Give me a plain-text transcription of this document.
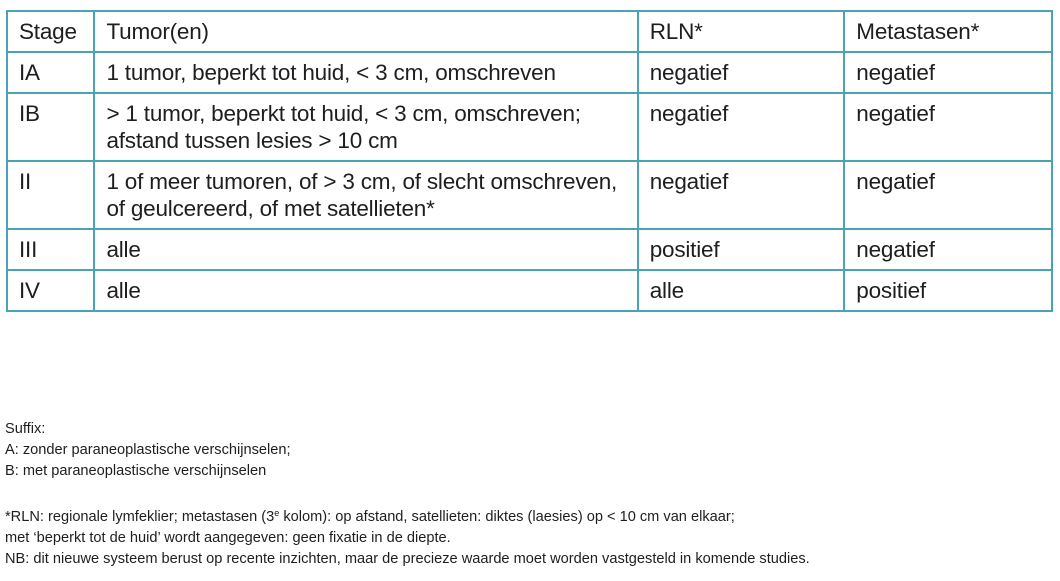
Stage	Tumor(en)	RLN*	Metastasen*
IA	1 tumor, beperkt tot huid, < 3 cm, omschreven	negatief	negatief
IB	> 1 tumor, beperkt tot huid, < 3 cm, omschreven; afstand tussen lesies > 10 cm	negatief	negatief
II	1 of meer tumoren, of > 3 cm, of slecht omschreven, of geulcereerd, of met satellieten*	negatief	negatief
III	alle	positief	negatief
IV	alle	alle	positief

Suffix:

A: zonder paraneoplastische verschijnselen;

B: met paraneoplastische verschijnselen

*RLN: regionale lymfeklier; metastasen (3e kolom): op afstand, satellieten: diktes (laesies) op < 10 cm van elkaar;

met ‘beperkt tot de huid’ wordt aangegeven: geen fixatie in de diepte.

NB: dit nieuwe systeem berust op recente inzichten, maar de precieze waarde moet worden vastgesteld in komende studies.
